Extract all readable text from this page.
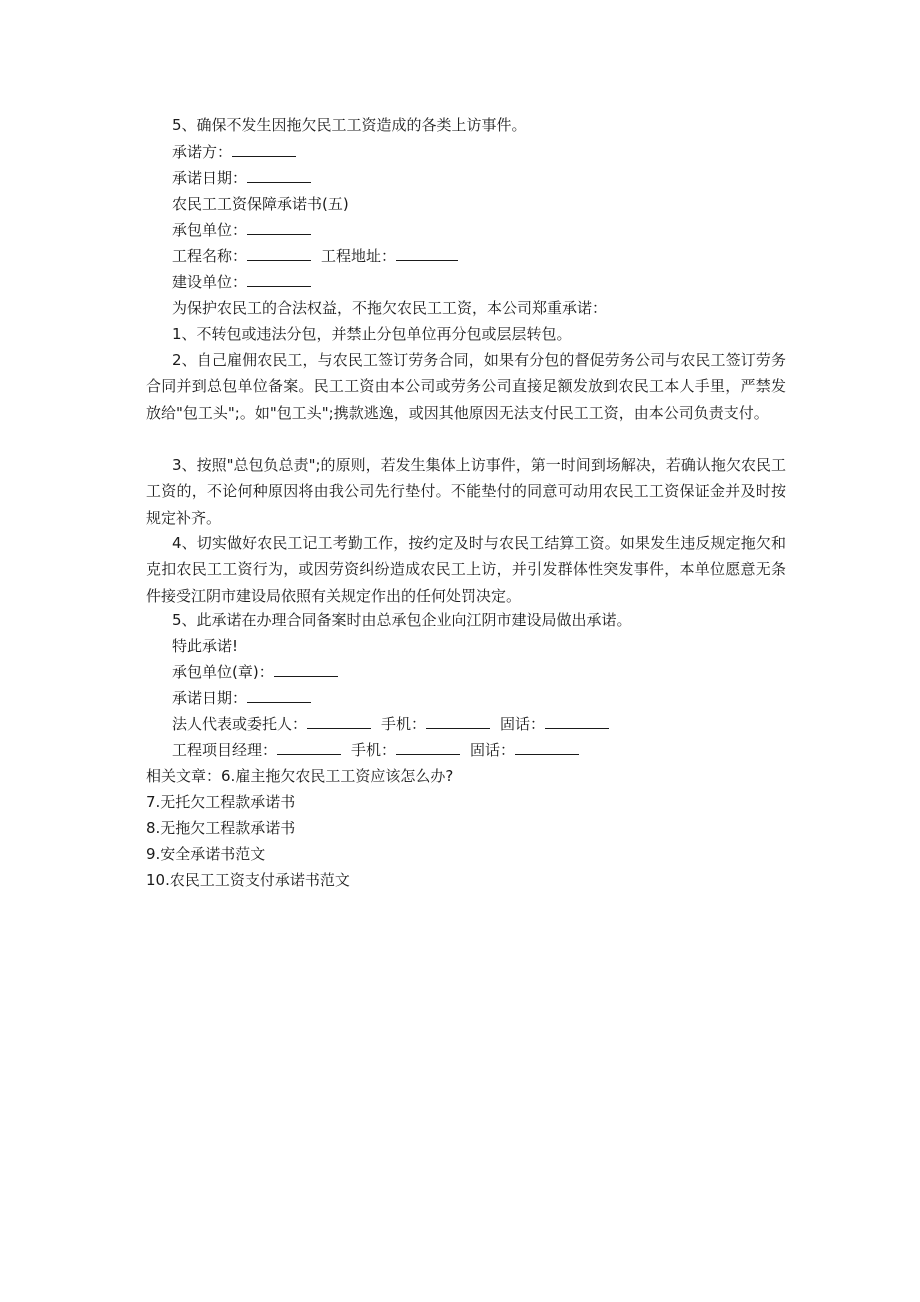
5、确保不发生因拖欠民工工资造成的各类上访事件。
承诺方：
承诺日期：
农民工工资保障承诺书(五)
承包单位：
工程名称：	工程地址：
建设单位：
为保护农民工的合法权益，不拖欠农民工工资，本公司郑重承诺：
1、不转包或违法分包，并禁止分包单位再分包或层层转包。
2、自己雇佣农民工，与农民工签订劳务合同，如果有分包的督促劳务公司与农民工签订劳务合同并到总包单位备案。民工工资由本公司或劳务公司直接足额发放到农民工本人手里，严禁发放给"包工头";。如"包工头";携款逃逸，或因其他原因无法支付民工工资，由本公司负责支付。
3、按照"总包负总责";的原则，若发生集体上访事件，第一时间到场解决，若确认拖欠农民工工资的，不论何种原因将由我公司先行垫付。不能垫付的同意可动用农民工工资保证金并及时按规定补齐。
4、切实做好农民工记工考勤工作，按约定及时与农民工结算工资。如果发生违反规定拖欠和克扣农民工工资行为，或因劳资纠纷造成农民工上访，并引发群体性突发事件，本单位愿意无条件接受江阴市建设局依照有关规定作出的任何处罚决定。
5、此承诺在办理合同备案时由总承包企业向江阴市建设局做出承诺。
特此承诺!
承包单位(章)：
承诺日期：
法人代表或委托人：	手机：	固话：
工程项目经理：	手机：	固话：
相关文章：6.雇主拖欠农民工工资应该怎么办?
7.无托欠工程款承诺书
8.无拖欠工程款承诺书
9.安全承诺书范文
10.农民工工资支付承诺书范文
